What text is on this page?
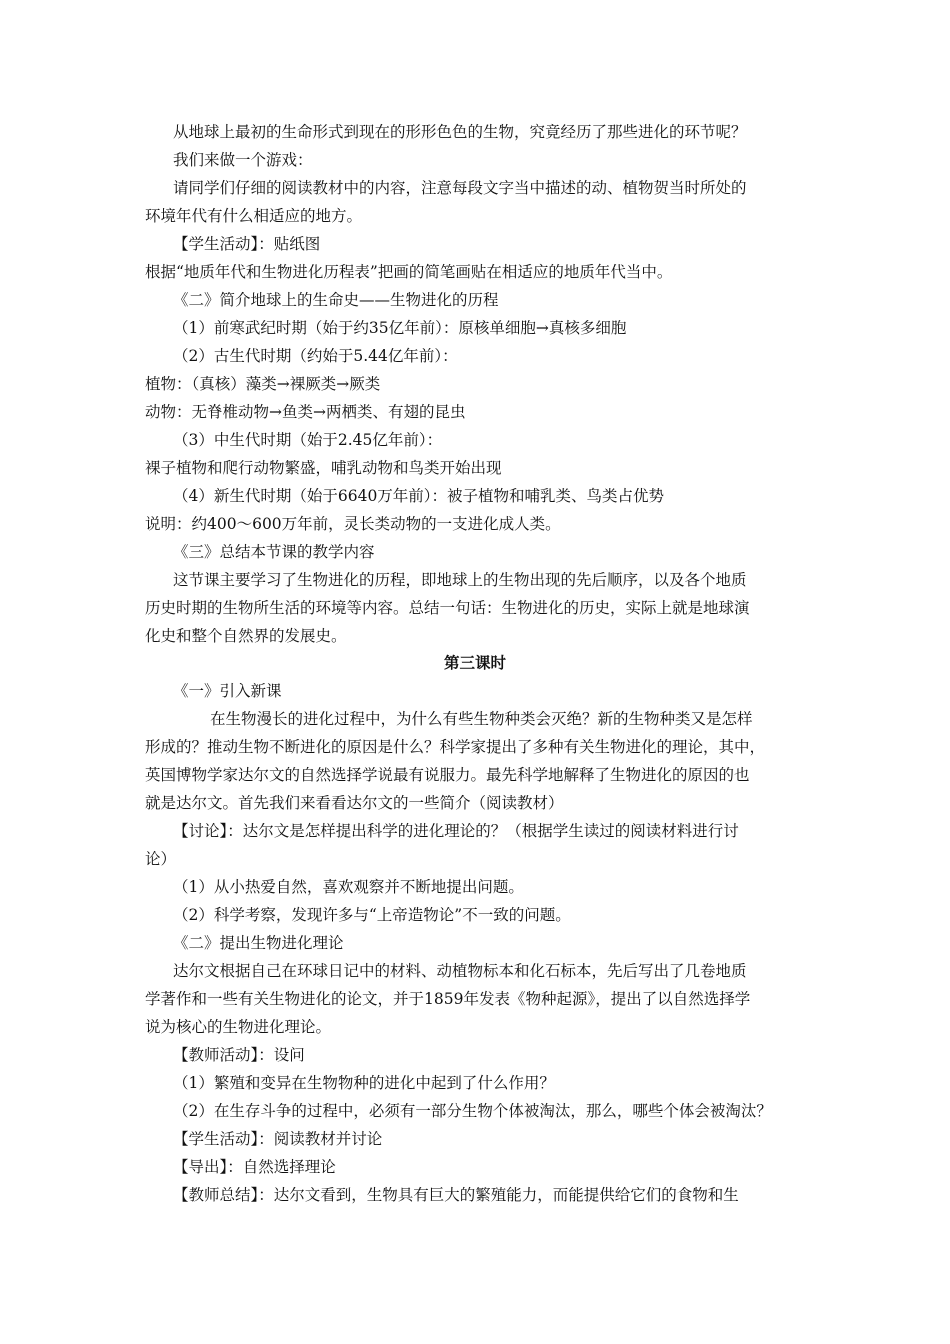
从地球上最初的生命形式到现在的形形色色的生物，究竟经历了那些进化的环节呢？
我们来做一个游戏：
请同学们仔细的阅读教材中的内容，注意每段文字当中描述的动、植物贺当时所处的
环境年代有什么相适应的地方。
【学生活动】：贴纸图
根据“地质年代和生物进化历程表”把画的简笔画贴在相适应的地质年代当中。
《二》简介地球上的生命史——生物进化的历程
（1）前寒武纪时期（始于约35亿年前）：原核单细胞→真核多细胞
（2）古生代时期（约始于5.44亿年前）：
植物：（真核）藻类→裸厥类→厥类
动物：无脊椎动物→鱼类→两栖类、有翅的昆虫
（3）中生代时期（始于2.45亿年前）：
裸子植物和爬行动物繁盛，哺乳动物和鸟类开始出现
（4）新生代时期（始于6640万年前）：被子植物和哺乳类、鸟类占优势
说明：约400～600万年前，灵长类动物的一支进化成人类。
《三》总结本节课的教学内容
这节课主要学习了生物进化的历程，即地球上的生物出现的先后顺序，以及各个地质
历史时期的生物所生活的环境等内容。总结一句话：生物进化的历史，实际上就是地球演
化史和整个自然界的发展史。
第三课时
《一》引入新课
在生物漫长的进化过程中，为什么有些生物种类会灭绝？新的生物种类又是怎样
形成的？推动生物不断进化的原因是什么？科学家提出了多种有关生物进化的理论，其中，
英国博物学家达尔文的自然选择学说最有说服力。最先科学地解释了生物进化的原因的也
就是达尔文。首先我们来看看达尔文的一些简介（阅读教材）
【讨论】：达尔文是怎样提出科学的进化理论的？（根据学生读过的阅读材料进行讨
论）
（1）从小热爱自然，喜欢观察并不断地提出问题。
（2）科学考察，发现许多与“上帝造物论”不一致的问题。
《二》提出生物进化理论
达尔文根据自己在环球日记中的材料、动植物标本和化石标本，先后写出了几卷地质
学著作和一些有关生物进化的论文，并于1859年发表《物种起源》，提出了以自然选择学
说为核心的生物进化理论。
【教师活动】：设问
（1）繁殖和变异在生物物种的进化中起到了什么作用？
（2）在生存斗争的过程中，必须有一部分生物个体被淘汰，那么，哪些个体会被淘汰？
【学生活动】：阅读教材并讨论
【导出】：自然选择理论
【教师总结】：达尔文看到，生物具有巨大的繁殖能力，而能提供给它们的食物和生
